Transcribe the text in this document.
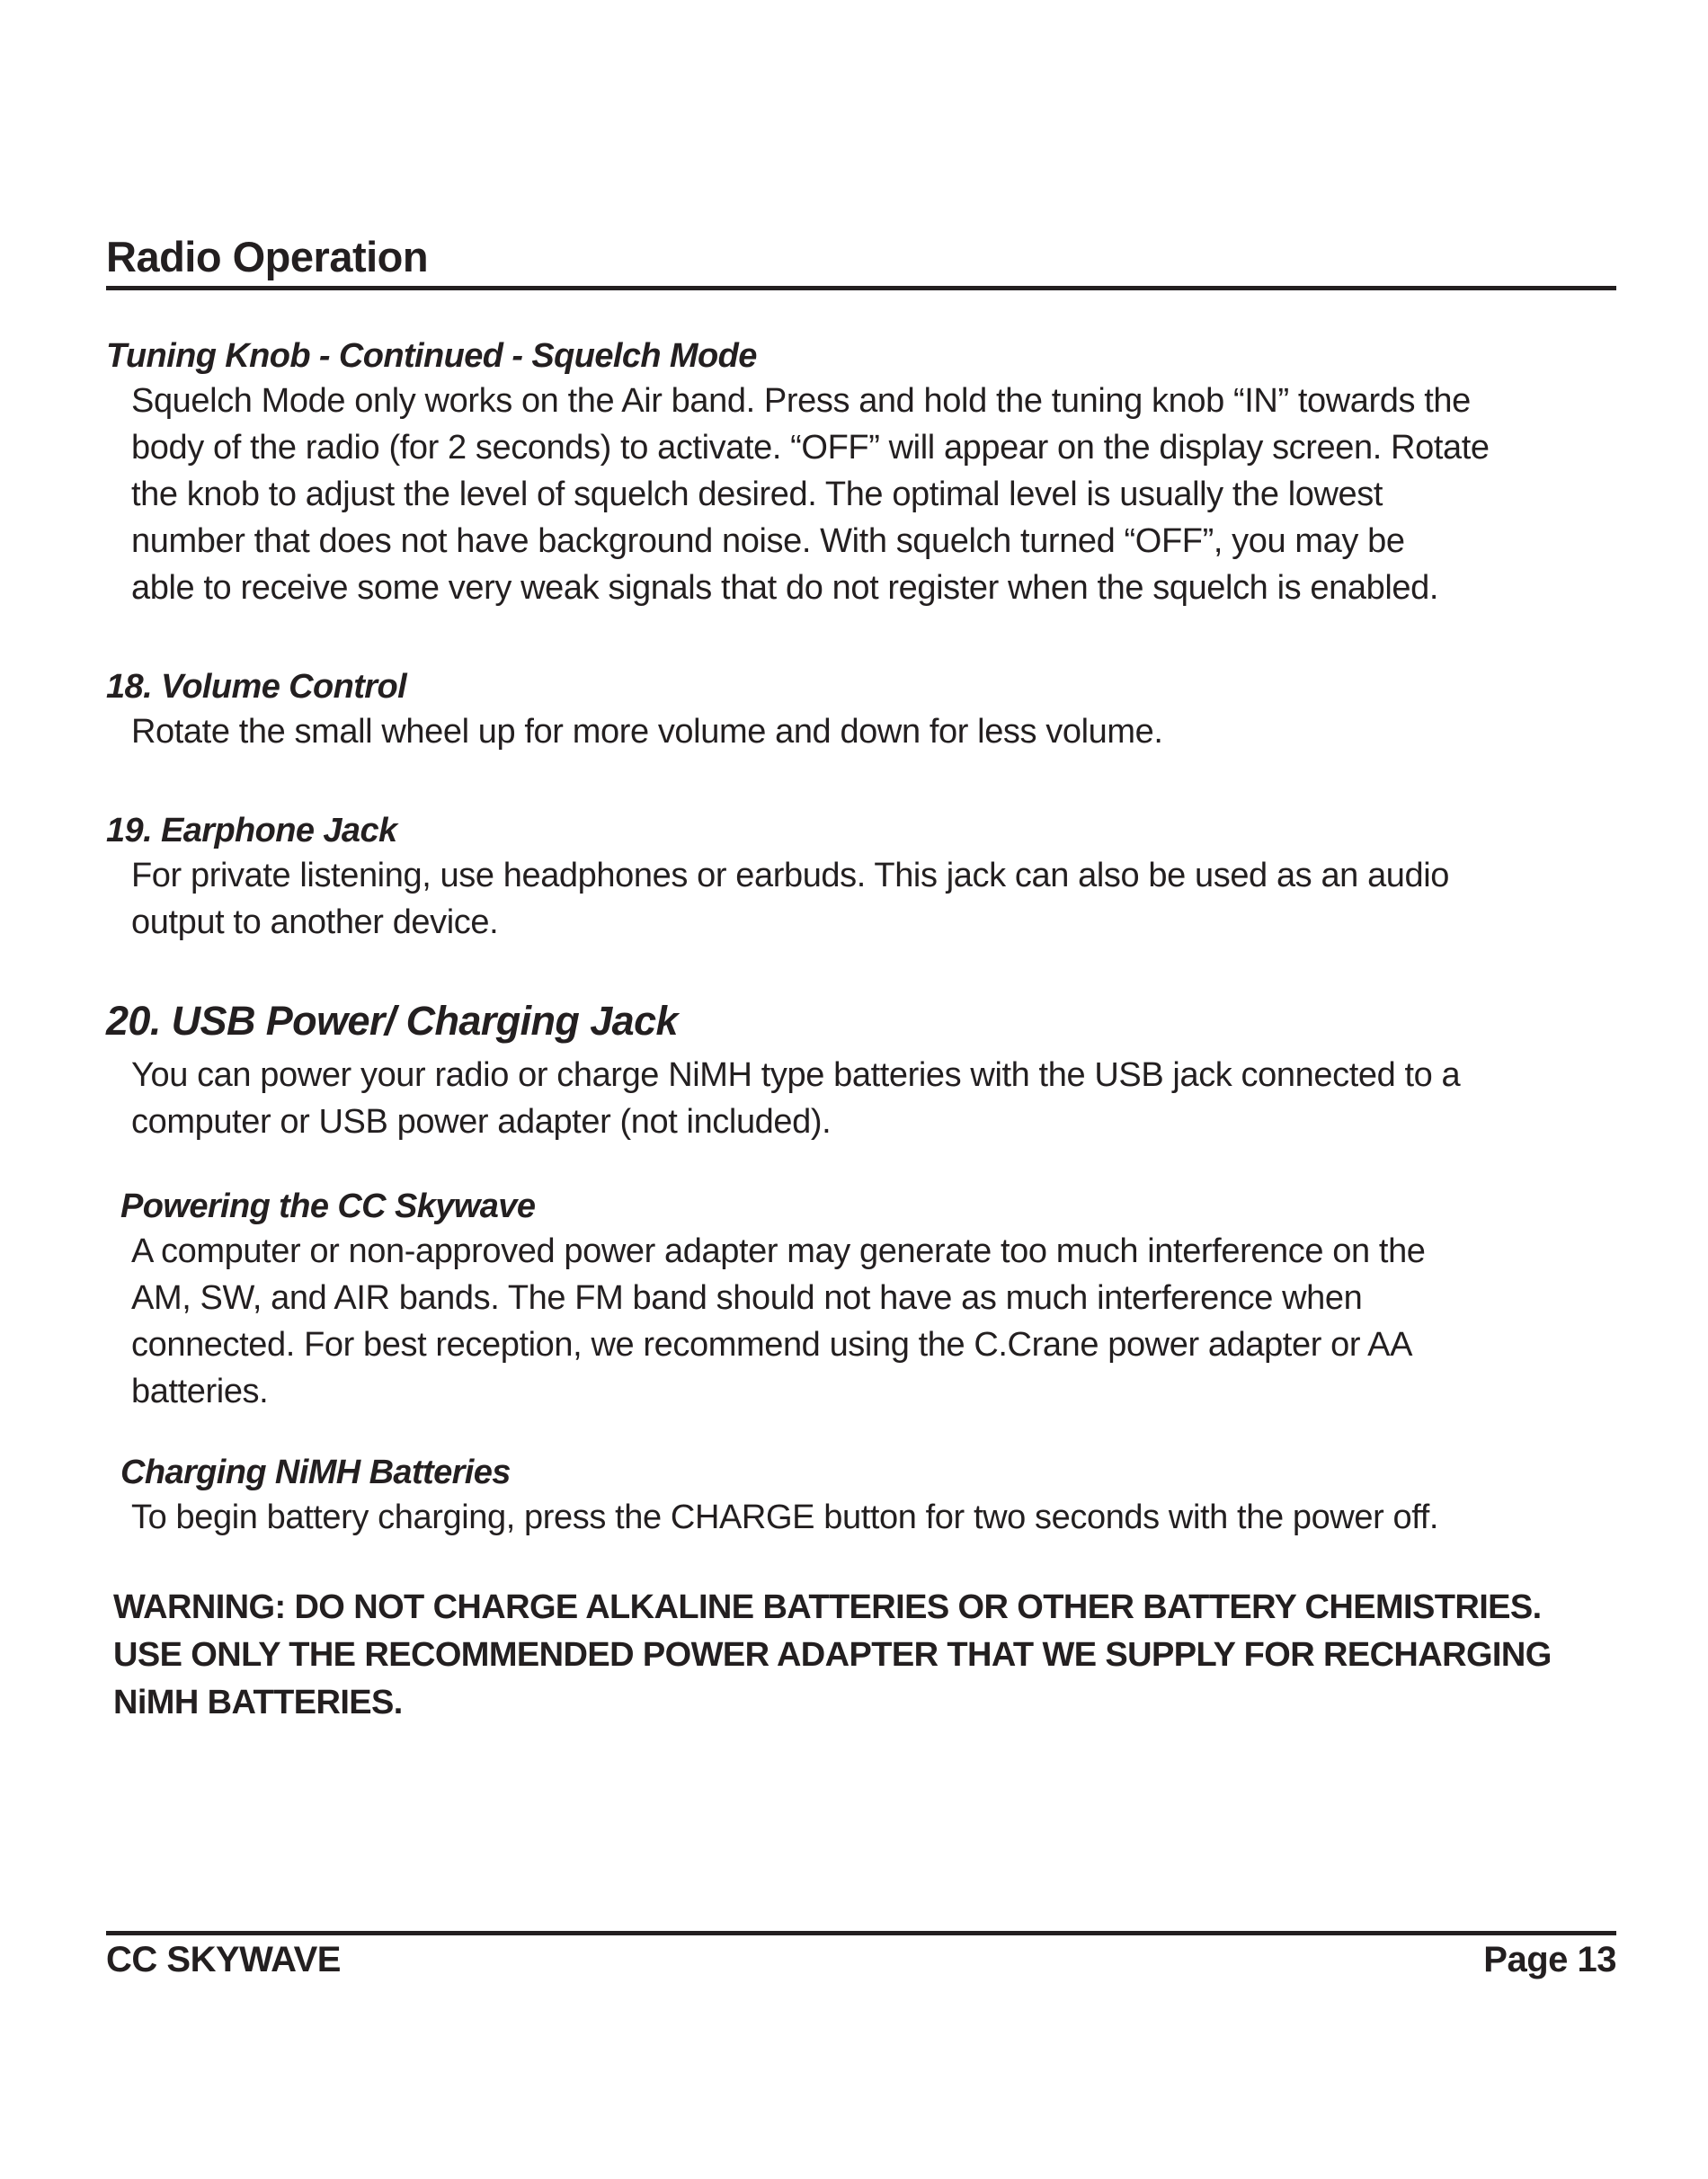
Radio Operation
Tuning Knob - Continued - Squelch Mode

Squelch Mode only works on the Air band. Press and hold the tuning knob “IN” towards the
body of the radio (for 2 seconds) to activate. “OFF” will appear on the display screen. Rotate
the knob to adjust the level of squelch desired. The optimal level is usually the lowest
number that does not have background noise. With squelch turned “OFF”, you may be
able to receive some very weak signals that do not register when the squelch is enabled.

18. Volume Control

Rotate the small wheel up for more volume and down for less volume.

19. Earphone Jack

For private listening, use headphones or earbuds. This jack can also be used as an audio
output to another device.

20. USB Power/ Charging Jack

You can power your radio or charge NiMH type batteries with the USB jack connected to a
computer or USB power adapter (not included).

Powering the CC Skywave

A computer or non-approved power adapter may generate too much interference on the
AM, SW, and AIR bands. The FM band should not have as much interference when
connected. For best reception, we recommend using the C.Crane power adapter or AA
batteries.

Charging NiMH Batteries

To begin battery charging, press the CHARGE button for two seconds with the power off.

WARNING: DO NOT CHARGE ALKALINE BATTERIES OR OTHER BATTERY CHEMISTRIES.
USE ONLY THE RECOMMENDED POWER ADAPTER THAT WE SUPPLY FOR RECHARGING
NiMH BATTERIES.
CC SKYWAVE	Page 13
